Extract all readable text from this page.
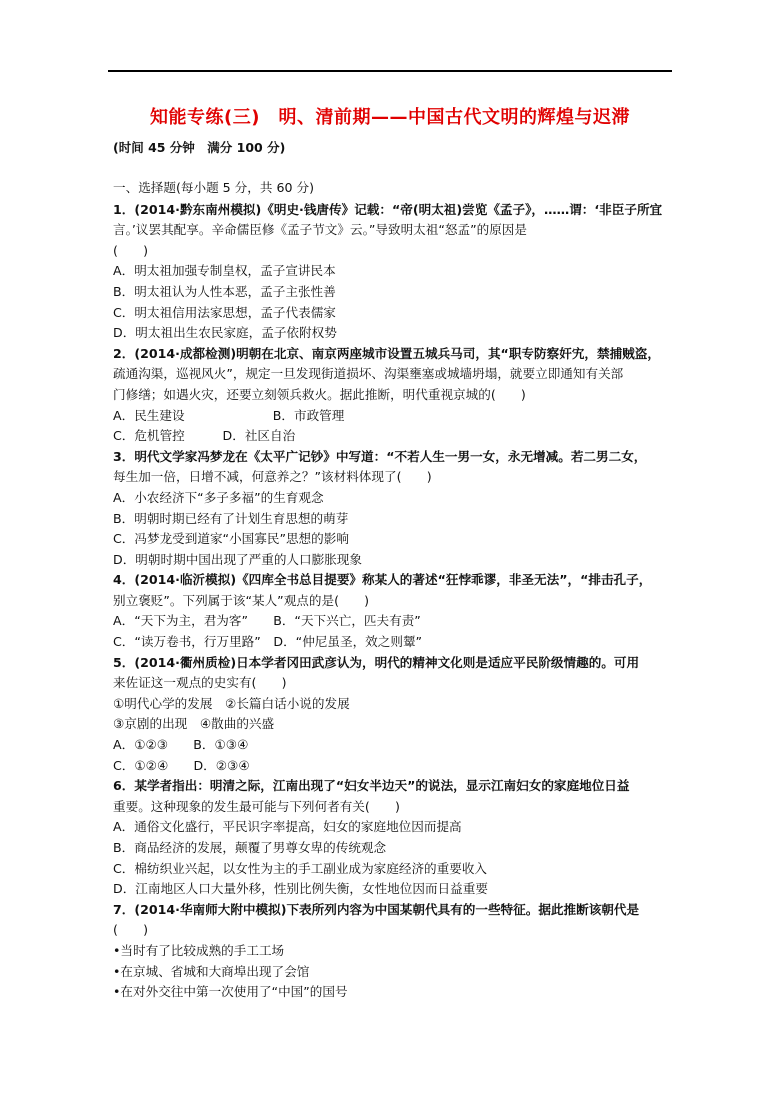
知能专练(三)　明、清前期——中国古代文明的辉煌与迟滞
(时间 45 分钟　满分 100 分)
一、选择题(每小题 5 分，共 60 分)
1．(2014·黔东南州模拟)《明史·钱唐传》记载：“帝(明太祖)尝览《孟子》，……谓：‘非臣子所宜
言。’议罢其配享。辛命儒臣修《孟子节文》云。”导致明太祖“怒孟”的原因是
(　　)
A．明太祖加强专制皇权，孟子宣讲民本
B．明太祖认为人性本恶，孟子主张性善
C．明太祖信用法家思想，孟子代表儒家
D．明太祖出生农民家庭，孟子依附权势
2．(2014·成都检测)明朝在北京、南京两座城市设置五城兵马司，其“职专防察奸宄，禁捕贼盗，
疏通沟渠，巡视风火”，规定一旦发现街道损坏、沟渠壅塞或城墙坍塌，就要立即通知有关部
门修缮；如遇火灾，还要立刻领兵救火。据此推断，明代重视京城的(　　)
A．民生建设　　　　　　　B．市政管理
C．危机管控　　　D．社区自治
3．明代文学家冯梦龙在《太平广记钞》中写道：“不若人生一男一女，永无增减。若二男二女，
每生加一倍，日增不减，何意养之？”该材料体现了(　　)
A．小农经济下“多子多福”的生育观念
B．明朝时期已经有了计划生育思想的萌芽
C．冯梦龙受到道家“小国寡民”思想的影响
D．明朝时期中国出现了严重的人口膨胀现象
4．(2014·临沂模拟)《四库全书总目提要》称某人的著述“狂悖乖谬，非圣无法”，“排击孔子，
别立褒贬”。下列属于该“某人”观点的是(　　)
A．“天下为主，君为客”　　B．“天下兴亡，匹夫有责”
C．“读万卷书，行万里路”　D．“仲尼虽圣，效之则颦”
5．(2014·衢州质检)日本学者冈田武彦认为，明代的精神文化则是适应平民阶级情趣的。可用
来佐证这一观点的史实有(　　)
①明代心学的发展　②长篇白话小说的发展
③京剧的出现　④散曲的兴盛
A．①②③　　B．①③④
C．①②④　　D．②③④
6．某学者指出：明清之际，江南出现了“妇女半边天”的说法，显示江南妇女的家庭地位日益
重要。这种现象的发生最可能与下列何者有关(　　)
A．通俗文化盛行，平民识字率提高，妇女的家庭地位因而提高
B．商品经济的发展，颠覆了男尊女卑的传统观念
C．棉纺织业兴起，以女性为主的手工副业成为家庭经济的重要收入
D．江南地区人口大量外移，性别比例失衡，女性地位因而日益重要
7．(2014·华南师大附中模拟)下表所列内容为中国某朝代具有的一些特征。据此推断该朝代是
(　　)
•当时有了比较成熟的手工工场
•在京城、省城和大商埠出现了会馆
•在对外交往中第一次使用了“中国”的国号
